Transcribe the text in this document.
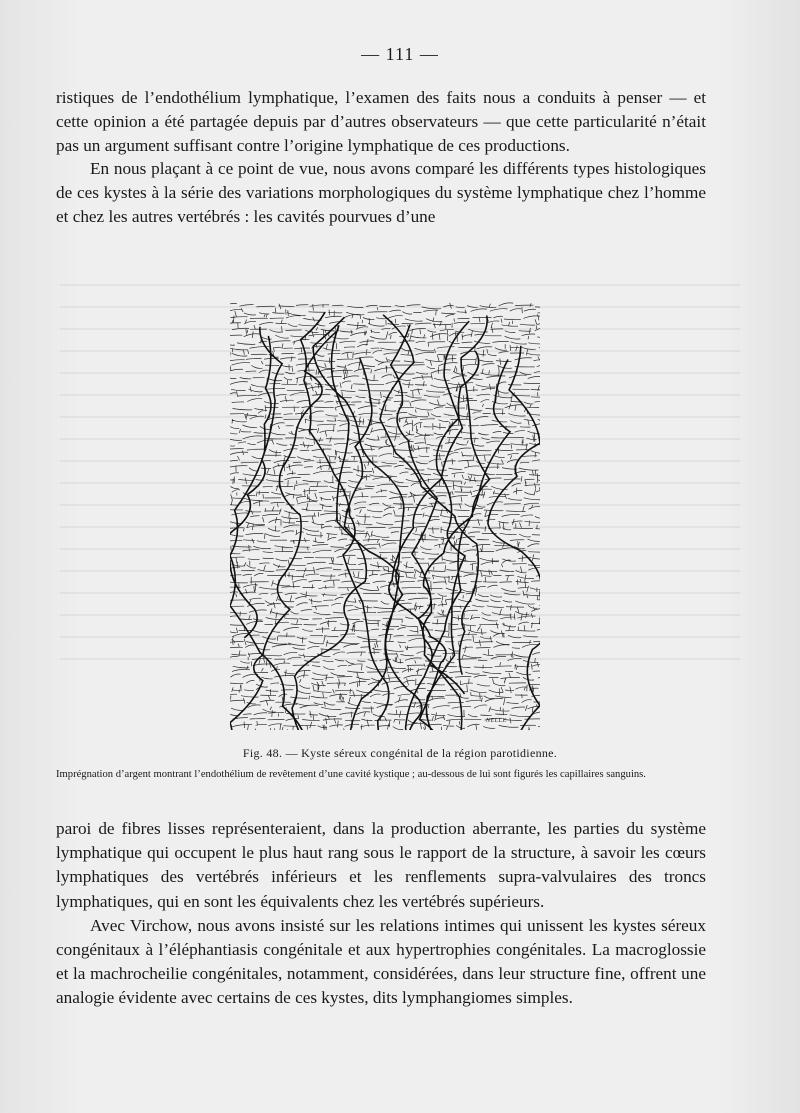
— 111 —

ristiques de l’endothélium lymphatique, l’examen des faits nous a conduits à penser — et cette opinion a été partagée depuis par d’autres observateurs — que cette particularité n’était pas un argument suffisant contre l’origine lymphatique de ces productions.

En nous plaçant à ce point de vue, nous avons comparé les différents types histologiques de ces kystes à la série des variations morphologiques du système lymphatique chez l’homme et chez les autres vertébrés : les cavités pourvues d’une

NELLE
Fig. 48. — Kyste séreux congénital de la région parotidienne.
Imprégnation d’argent montrant l’endothélium de revêtement d’une cavité kystique ; au-dessous de lui sont figurés les capillaires sanguins.

paroi de fibres lisses représenteraient, dans la production aberrante, les parties du système lymphatique qui occupent le plus haut rang sous le rapport de la structure, à savoir les cœurs lymphatiques des vertébrés inférieurs et les renflements supra-valvulaires des troncs lymphatiques, qui en sont les équivalents chez les vertébrés supérieurs.

Avec Virchow, nous avons insisté sur les relations intimes qui unissent les kystes séreux congénitaux à l’éléphantiasis congénitale et aux hypertrophies congénitales. La macroglossie et la machrocheilie congénitales, notamment, considérées, dans leur structure fine, offrent une analogie évidente avec certains de ces kystes, dits lymphangiomes simples.
